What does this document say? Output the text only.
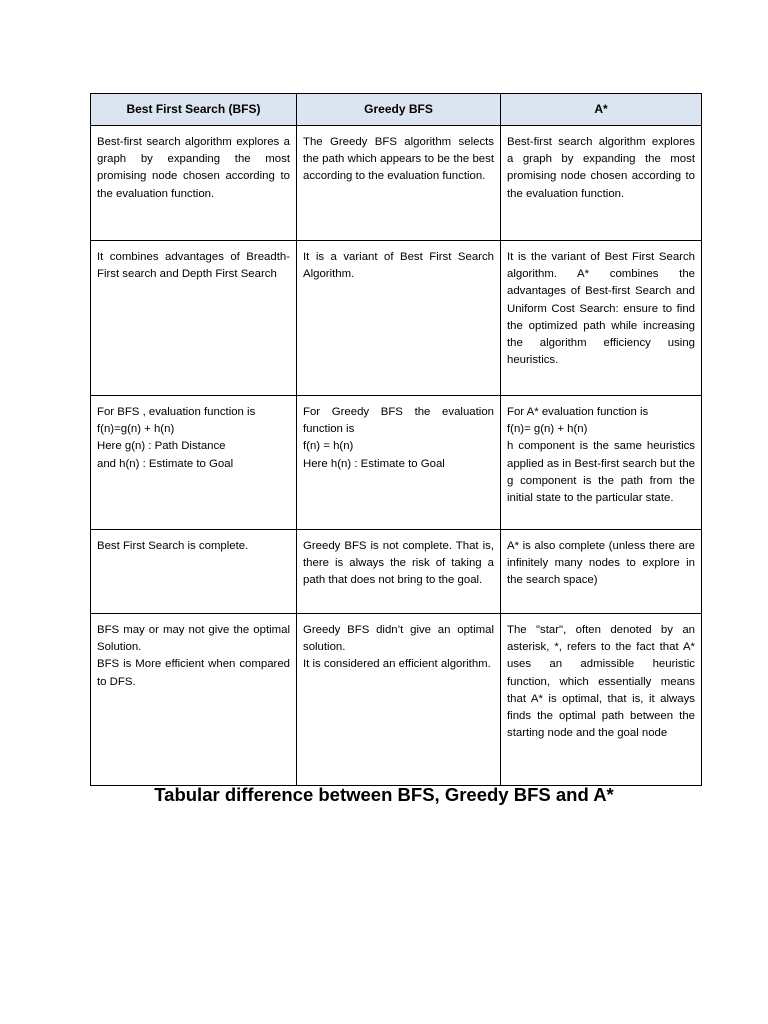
Best First Search (BFS)	Greedy BFS	A*

Best-first search algorithm explores a graph by expanding the most promising node chosen according to the evaluation function.	The Greedy BFS algorithm selects the path which appears to be the best according to the evaluation function.	Best-first search algorithm explores a graph by expanding the most promising node chosen according to the evaluation function.

It combines advantages of Breadth-First search and Depth First Search	It is a variant of Best First Search Algorithm.	It is the variant of Best First Search algorithm. A* combines the advantages of Best-first Search and Uniform Cost Search: ensure to find the optimized path while increasing the algorithm efficiency using heuristics.

For BFS , evaluation function is
f(n)=g(n) + h(n)
Here g(n) : Path Distance
and h(n) : Estimate to Goal	For Greedy BFS the evaluation function is
f(n) = h(n)
Here h(n) : Estimate to Goal	For A* evaluation function is
f(n)= g(n) + h(n)
h component is the same heuristics applied as in Best-first search but the g component is the path from the initial state to the particular state.

Best First Search is complete.	Greedy BFS is not complete. That is, there is always the risk of taking a path that does not bring to the goal.	A* is also complete (unless there are infinitely many nodes to explore in the search space)

BFS may or may not give the optimal Solution.
BFS is More efficient when compared to DFS.	Greedy BFS didn’t give an optimal solution.
It is considered an efficient algorithm.	The "star", often denoted by an asterisk, *, refers to the fact that A* uses an admissible heuristic function, which essentially means that A* is optimal, that is, it always finds the optimal path between the starting node and the goal node
Tabular difference between BFS, Greedy BFS and A*
